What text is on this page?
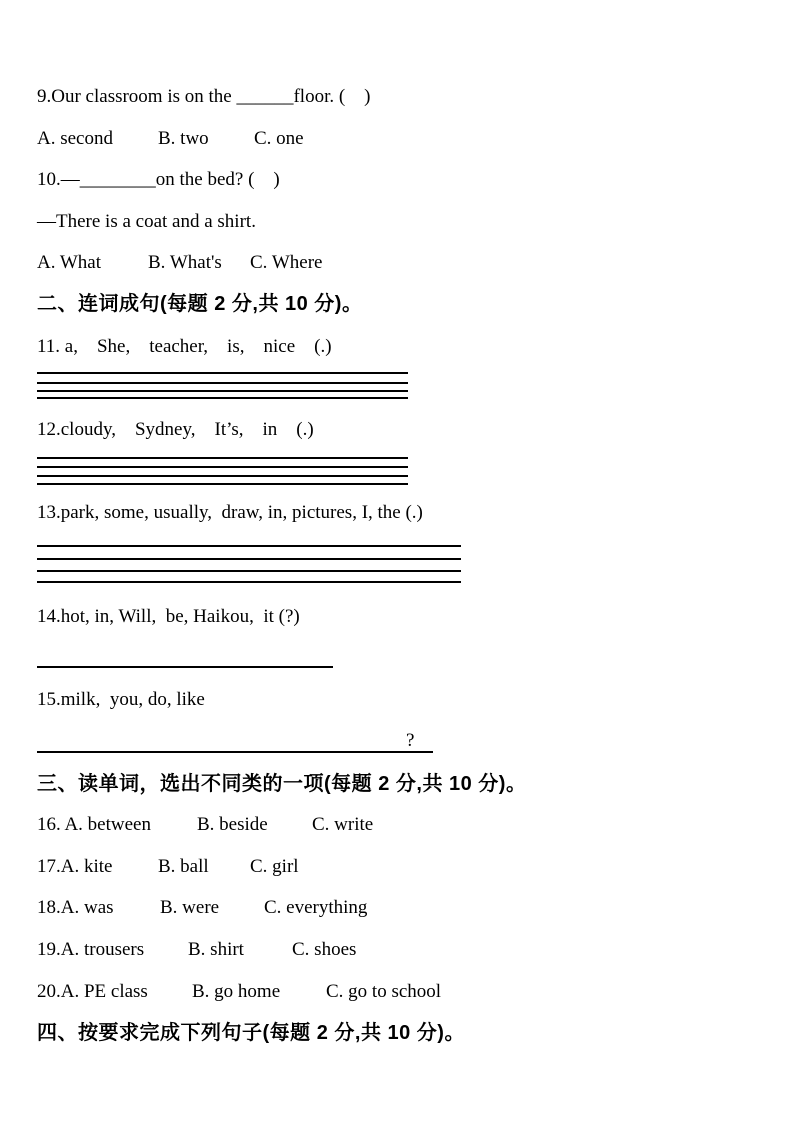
9.Our classroom is on the ______floor. (    )
A. second B. two C. one
10.—________on the bed? (    )
—There is a coat and a shirt.
A. What B. What's C. Where
二、连词成句(每题 2 分,共 10 分)。
11. a,    She,    teacher,    is,    nice    (.)
12.cloudy,    Sydney,    It’s,    in    (.)
13.park, some, usually,  draw, in, pictures, I, the (.)
14.hot, in, Will,  be, Haikou,  it (?)
15.milk,  you, do, like
?
三、读单词，选出不同类的一项(每题 2 分,共 10 分)。
16. A. between B. beside C. write
17.A. kite B. ball C. girl
18.A. was B. were C. everything
19.A. trousers B. shirt	C. shoes
20.A. PE class B. go home C. go to school
四、按要求完成下列句子(每题 2 分,共 10 分)。
